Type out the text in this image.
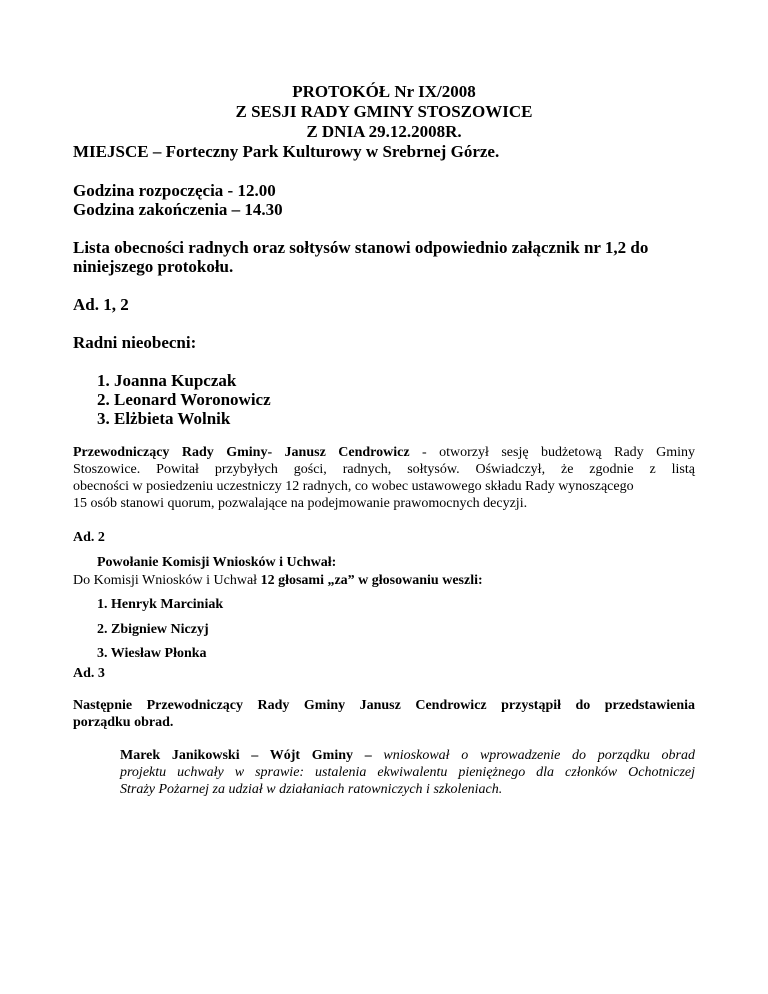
PROTOKÓŁ Nr IX/2008
Z SESJI RADY GMINY STOSZOWICE
Z DNIA 29.12.2008R.
MIEJSCE – Forteczny Park Kulturowy w Srebrnej Górze.
Godzina rozpoczęcia - 12.00
Godzina zakończenia – 14.30
Lista obecności radnych oraz sołtysów stanowi odpowiednio załącznik nr 1,2 do
niniejszego protokołu.
Ad. 1, 2
Radni nieobecni:
1. Joanna Kupczak
2. Leonard Woronowicz
3. Elżbieta Wolnik
Przewodniczący Rady Gminy- Janusz Cendrowicz - otworzył sesję budżetową Rady Gminy
Stoszowice. Powitał przybyłych gości, radnych, sołtysów. Oświadczył, że zgodnie z listą
obecności w posiedzeniu uczestniczy 12 radnych, co wobec ustawowego składu Rady wynoszącego
15 osób stanowi quorum, pozwalające na podejmowanie prawomocnych decyzji.
Ad. 2
Powołanie Komisji Wniosków i Uchwał:
Do Komisji Wniosków i Uchwał 12 głosami „za” w głosowaniu weszli:
1. Henryk Marciniak
2. Zbigniew Niczyj
3. Wiesław Płonka
Ad. 3
Następnie Przewodniczący Rady Gminy Janusz Cendrowicz przystąpił do przedstawienia
porządku obrad.
Marek Janikowski – Wójt Gminy – wnioskował o wprowadzenie do porządku obrad
projektu uchwały w sprawie: ustalenia ekwiwalentu pieniężnego dla członków Ochotniczej
Straży Pożarnej za udział w działaniach ratowniczych i szkoleniach.
